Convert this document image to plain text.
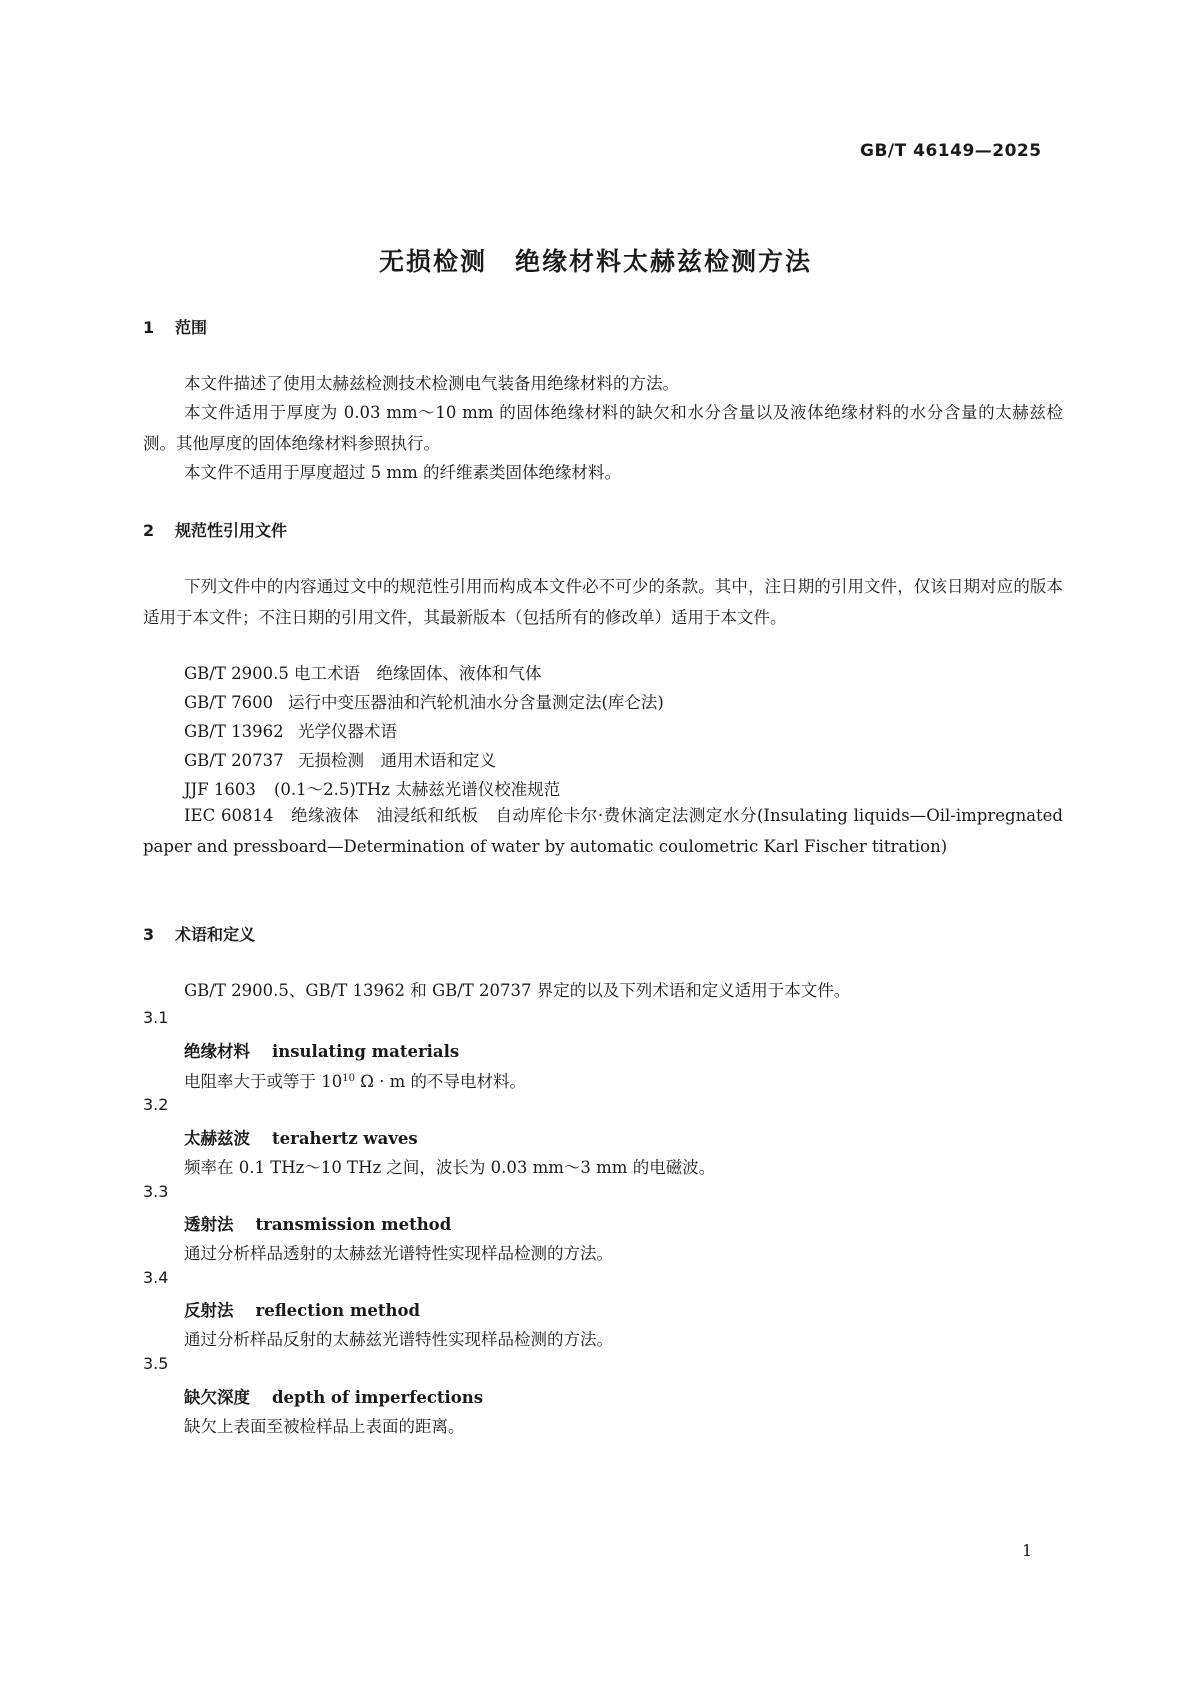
GB/T 46149—2025
无损检测 绝缘材料太赫兹检测方法
1 范围
本文件描述了使用太赫兹检测技术检测电气装备用绝缘材料的方法。
本文件适用于厚度为 0.03 mm～10 mm 的固体绝缘材料的缺欠和水分含量以及液体绝缘材料的水分含量的太赫兹检测。其他厚度的固体绝缘材料参照执行。
本文件不适用于厚度超过 5 mm 的纤维素类固体绝缘材料。
2 规范性引用文件
下列文件中的内容通过文中的规范性引用而构成本文件必不可少的条款。其中，注日期的引用文件，仅该日期对应的版本适用于本文件；不注日期的引用文件，其最新版本（包括所有的修改单）适用于本文件。
GB/T 2900.5 电工术语　绝缘固体、液体和气体
GB/T 7600 运行中变压器油和汽轮机油水分含量测定法(库仑法)
GB/T 13962 光学仪器术语
GB/T 20737 无损检测　通用术语和定义
JJF 1603 (0.1～2.5)THz 太赫兹光谱仪校准规范
IEC 60814　绝缘液体　油浸纸和纸板　自动库伦卡尔·费休滴定法测定水分(Insulating liquids—Oil-impregnated paper and pressboard—Determination of water by automatic coulometric Karl Fischer titration)
3 术语和定义
GB/T 2900.5、GB/T 13962 和 GB/T 20737 界定的以及下列术语和定义适用于本文件。
3.1
绝缘材料 insulating materials
电阻率大于或等于 $10^{10}$ Ω · m 的不导电材料。
3.2
太赫兹波 terahertz waves
频率在 0.1 THz～10 THz 之间，波长为 0.03 mm～3 mm 的电磁波。
3.3
透射法 transmission method
通过分析样品透射的太赫兹光谱特性实现样品检测的方法。
3.4
反射法 reflection method
通过分析样品反射的太赫兹光谱特性实现样品检测的方法。
3.5
缺欠深度 depth of imperfections
缺欠上表面至被检样品上表面的距离。
1
